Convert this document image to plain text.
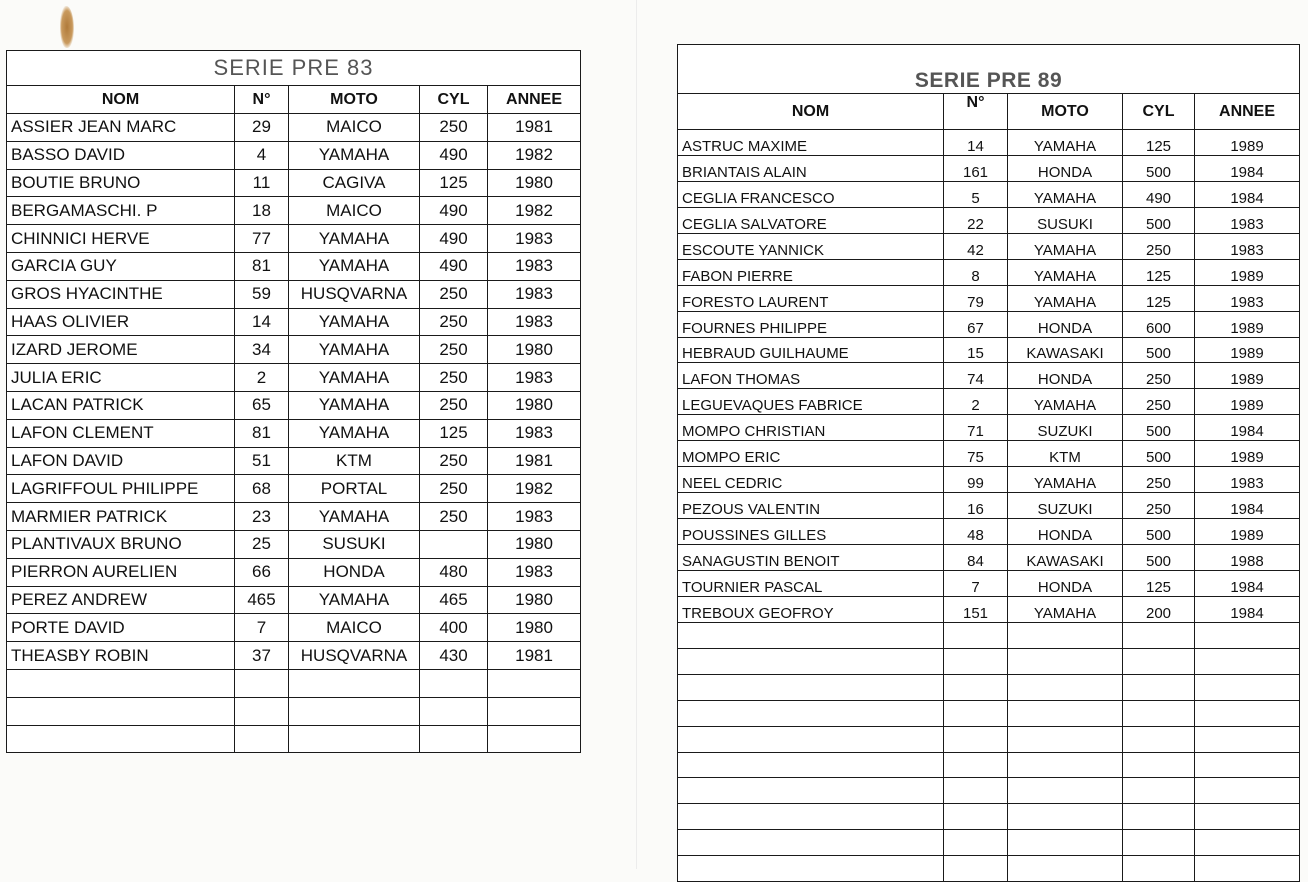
SERIE PRE 83				
NOM	N°	MOTO	CYL	ANNEE
ASSIER JEAN MARC	29	MAICO	250	1981
BASSO DAVID	4	YAMAHA	490	1982
BOUTIE BRUNO	11	CAGIVA	125	1980
BERGAMASCHI. P	18	MAICO	490	1982
CHINNICI HERVE	77	YAMAHA	490	1983
GARCIA GUY	81	YAMAHA	490	1983
GROS HYACINTHE	59	HUSQVARNA	250	1983
HAAS OLIVIER	14	YAMAHA	250	1983
IZARD JEROME	34	YAMAHA	250	1980
JULIA ERIC	2	YAMAHA	250	1983
LACAN PATRICK	65	YAMAHA	250	1980
LAFON CLEMENT	81	YAMAHA	125	1983
LAFON DAVID	51	KTM	250	1981
LAGRIFFOUL PHILIPPE	68	PORTAL	250	1982
MARMIER PATRICK	23	YAMAHA	250	1983
PLANTIVAUX BRUNO	25	SUSUKI		1980
PIERRON AURELIEN	66	HONDA	480	1983
PEREZ ANDREW	465	YAMAHA	465	1980
PORTE DAVID	7	MAICO	400	1980
THEASBY ROBIN	37	HUSQVARNA	430	1981

SERIE PRE 89				
NOM	N°	MOTO	CYL	ANNEE
ASTRUC MAXIME	14	YAMAHA	125	1989
BRIANTAIS ALAIN	161	HONDA	500	1984
CEGLIA FRANCESCO	5	YAMAHA	490	1984
CEGLIA SALVATORE	22	SUSUKI	500	1983
ESCOUTE YANNICK	42	YAMAHA	250	1983
FABON PIERRE	8	YAMAHA	125	1989
FORESTO LAURENT	79	YAMAHA	125	1983
FOURNES PHILIPPE	67	HONDA	600	1989
HEBRAUD GUILHAUME	15	KAWASAKI	500	1989
LAFON THOMAS	74	HONDA	250	1989
LEGUEVAQUES FABRICE	2	YAMAHA	250	1989
MOMPO CHRISTIAN	71	SUZUKI	500	1984
MOMPO ERIC	75	KTM	500	1989
NEEL CEDRIC	99	YAMAHA	250	1983
PEZOUS VALENTIN	16	SUZUKI	250	1984
POUSSINES GILLES	48	HONDA	500	1989
SANAGUSTIN BENOIT	84	KAWASAKI	500	1988
TOURNIER PASCAL	7	HONDA	125	1984
TREBOUX GEOFROY	151	YAMAHA	200	1984
